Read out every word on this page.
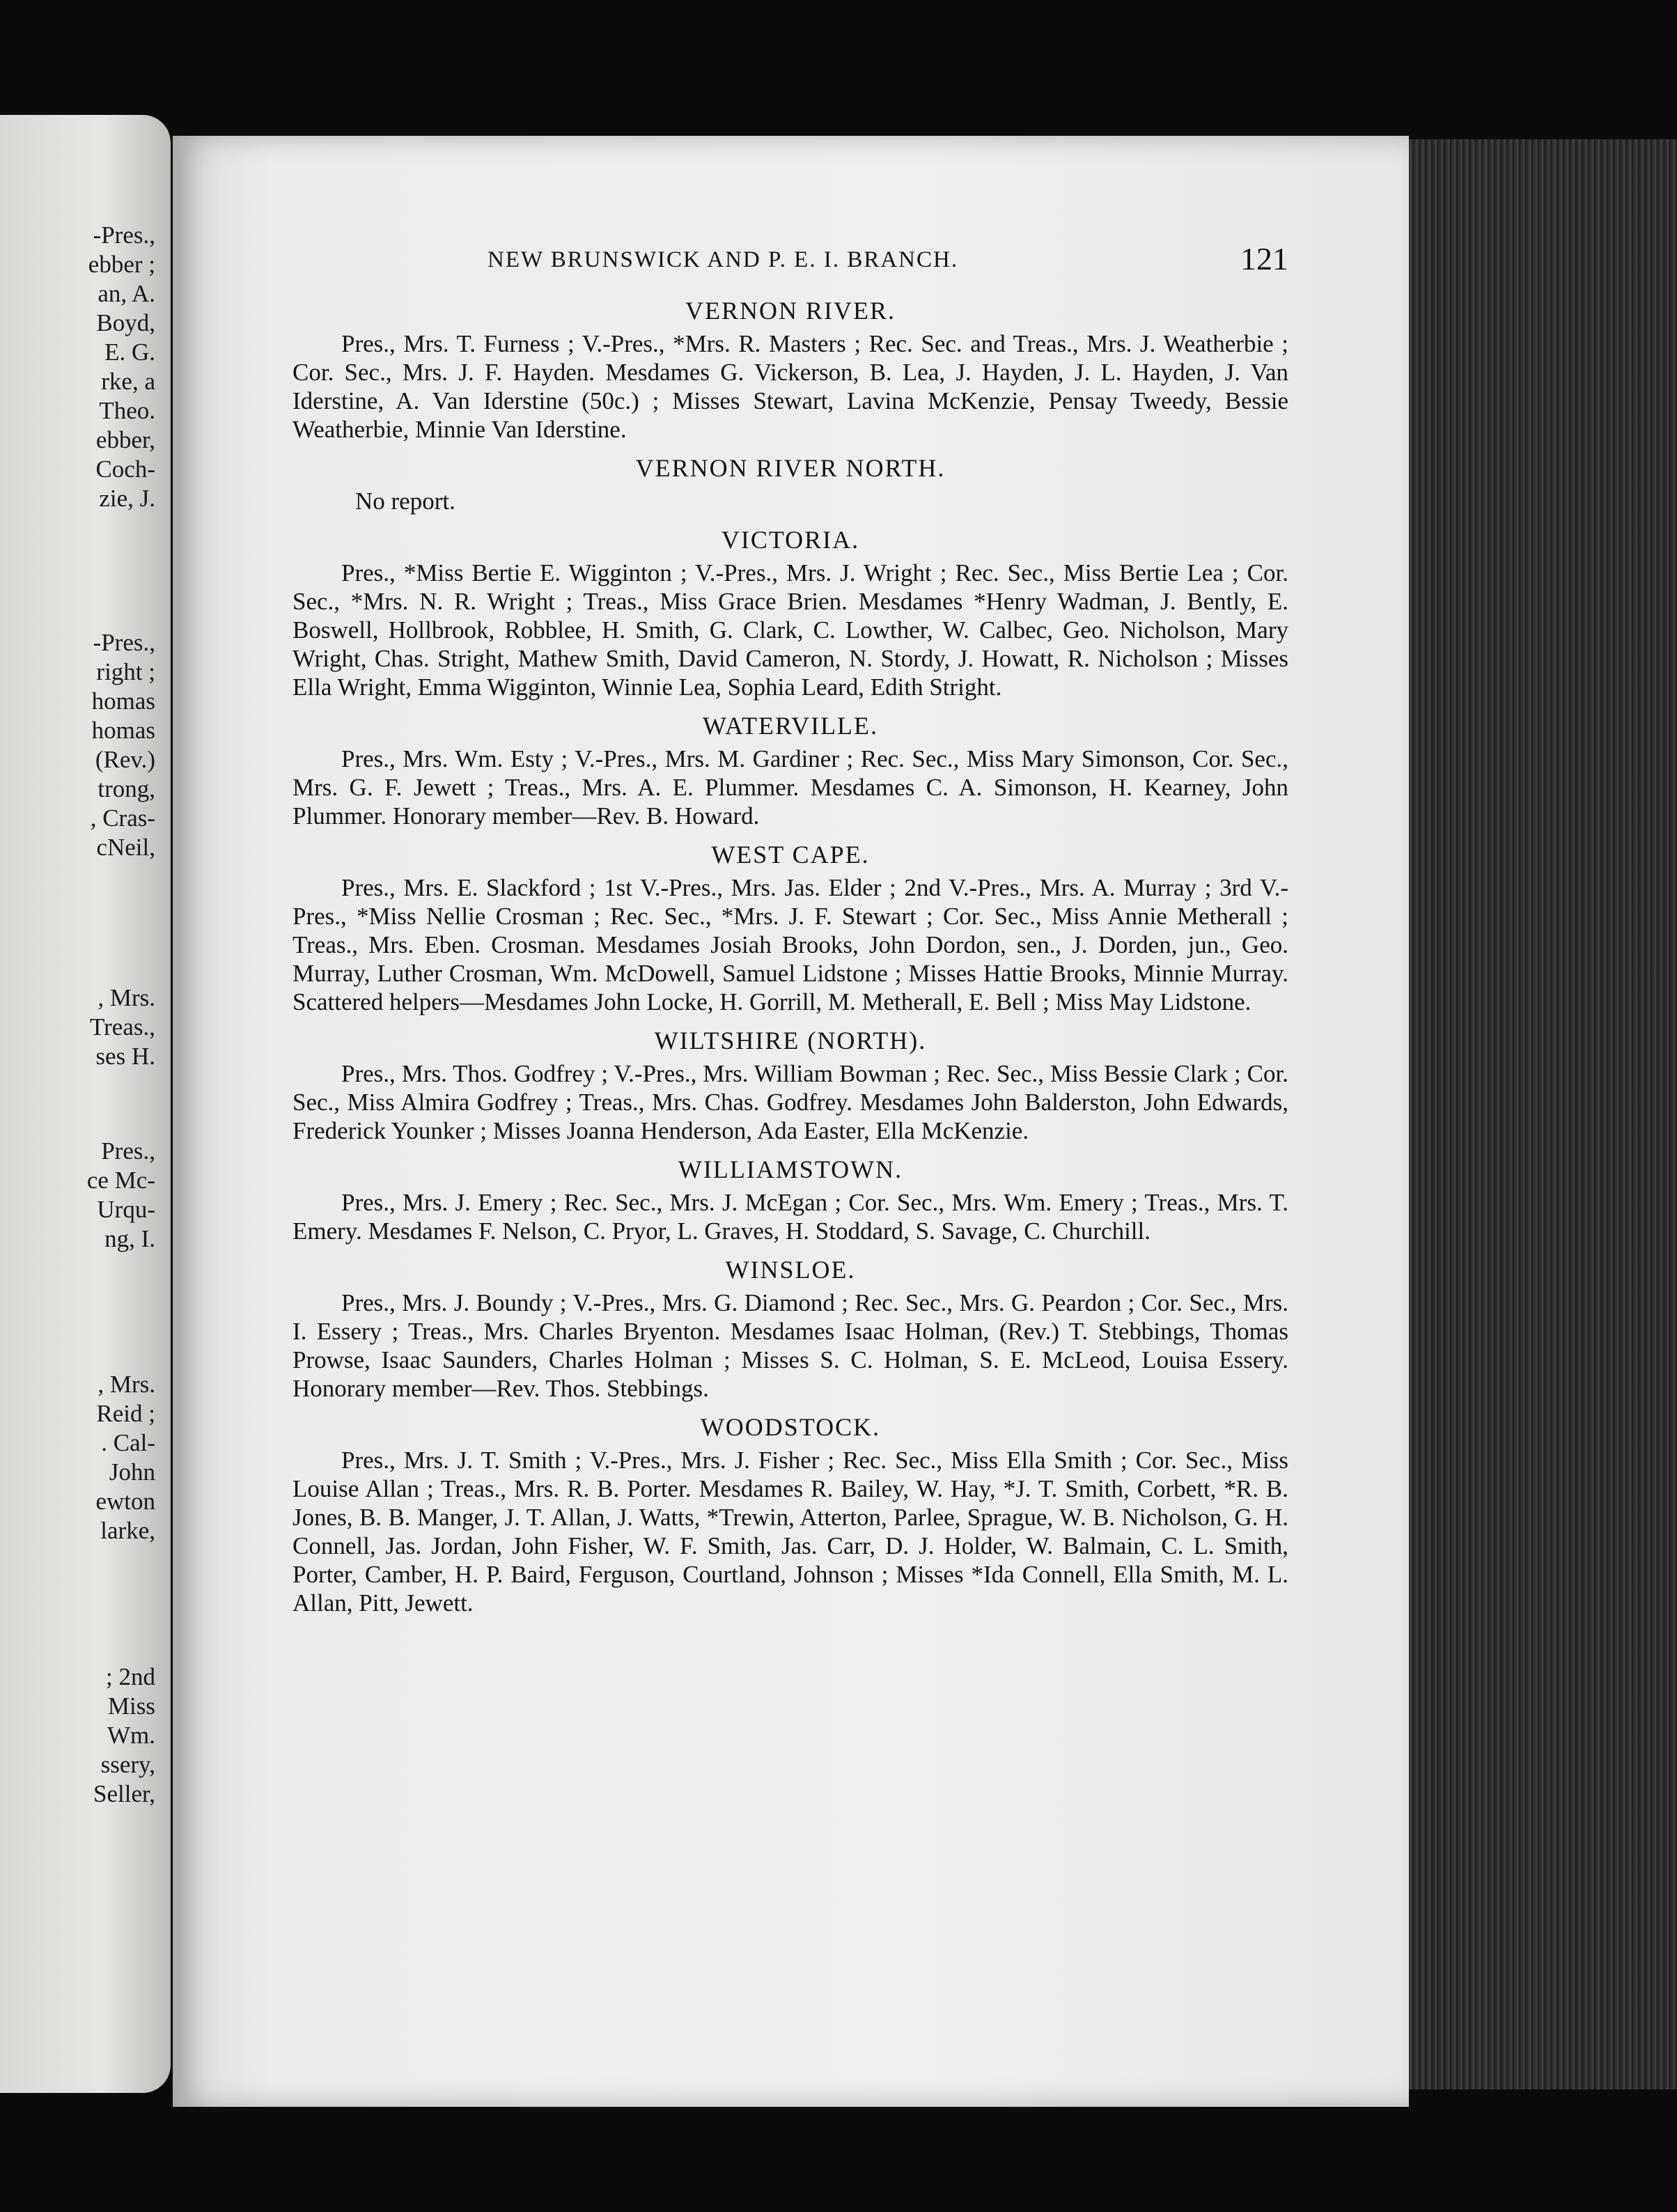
-Pres.,
ebber ;
an, A.
Boyd,
E. G.
rke, a
Theo.
ebber,
Coch-
zie, J.
-Pres.,
right ;
homas
homas
(Rev.)
trong,
, Cras-
cNeil,
, Mrs.
Treas.,
ses H.
Pres.,
ce Mc-
Urqu-
ng, I.
, Mrs.
Reid ;
. Cal-
John
ewton
larke,
; 2nd
Miss
Wm.
ssery,
Seller,
NEW BRUNSWICK AND P. E. I. BRANCH.	121
VERNON RIVER.

Pres., Mrs. T. Furness ; V.-Pres., *Mrs. R. Masters ; Rec. Sec. and Treas., Mrs. J. Weatherbie ; Cor. Sec., Mrs. J. F. Hayden. Mesdames G. Vickerson, B. Lea, J. Hayden, J. L. Hayden, J. Van Iderstine, A. Van Iderstine (50c.) ; Misses Stewart, Lavina McKenzie, Pensay Tweedy, Bessie Weatherbie, Minnie Van Iderstine.

VERNON RIVER NORTH.

No report.

VICTORIA.

Pres., *Miss Bertie E. Wigginton ; V.-Pres., Mrs. J. Wright ; Rec. Sec., Miss Bertie Lea ; Cor. Sec., *Mrs. N. R. Wright ; Treas., Miss Grace Brien. Mesdames *Henry Wadman, J. Bently, E. Boswell, Hollbrook, Robblee, H. Smith, G. Clark, C. Lowther, W. Calbec, Geo. Nicholson, Mary Wright, Chas. Stright, Mathew Smith, David Cameron, N. Stordy, J. Howatt, R. Nicholson ; Misses Ella Wright, Emma Wigginton, Winnie Lea, Sophia Leard, Edith Stright.

WATERVILLE.

Pres., Mrs. Wm. Esty ; V.-Pres., Mrs. M. Gardiner ; Rec. Sec., Miss Mary Simonson, Cor. Sec., Mrs. G. F. Jewett ; Treas., Mrs. A. E. Plummer. Mesdames C. A. Simonson, H. Kearney, John Plummer. Honorary member—Rev. B. Howard.

WEST CAPE.

Pres., Mrs. E. Slackford ; 1st V.-Pres., Mrs. Jas. Elder ; 2nd V.-Pres., Mrs. A. Murray ; 3rd V.-Pres., *Miss Nellie Crosman ; Rec. Sec., *Mrs. J. F. Stewart ; Cor. Sec., Miss Annie Metherall ; Treas., Mrs. Eben. Crosman. Mesdames Josiah Brooks, John Dordon, sen., J. Dorden, jun., Geo. Murray, Luther Crosman, Wm. McDowell, Samuel Lidstone ; Misses Hattie Brooks, Minnie Murray. Scattered helpers—Mesdames John Locke, H. Gorrill, M. Metherall, E. Bell ; Miss May Lidstone.

WILTSHIRE (NORTH).

Pres., Mrs. Thos. Godfrey ; V.-Pres., Mrs. William Bowman ; Rec. Sec., Miss Bessie Clark ; Cor. Sec., Miss Almira Godfrey ; Treas., Mrs. Chas. Godfrey. Mesdames John Balderston, John Edwards, Frederick Younker ; Misses Joanna Henderson, Ada Easter, Ella McKenzie.

WILLIAMSTOWN.

Pres., Mrs. J. Emery ; Rec. Sec., Mrs. J. McEgan ; Cor. Sec., Mrs. Wm. Emery ; Treas., Mrs. T. Emery. Mesdames F. Nelson, C. Pryor, L. Graves, H. Stoddard, S. Savage, C. Churchill.

WINSLOE.

Pres., Mrs. J. Boundy ; V.-Pres., Mrs. G. Diamond ; Rec. Sec., Mrs. G. Peardon ; Cor. Sec., Mrs. I. Essery ; Treas., Mrs. Charles Bryenton. Mesdames Isaac Holman, (Rev.) T. Stebbings, Thomas Prowse, Isaac Saunders, Charles Holman ; Misses S. C. Holman, S. E. McLeod, Louisa Essery. Honorary member—Rev. Thos. Stebbings.

WOODSTOCK.

Pres., Mrs. J. T. Smith ; V.-Pres., Mrs. J. Fisher ; Rec. Sec., Miss Ella Smith ; Cor. Sec., Miss Louise Allan ; Treas., Mrs. R. B. Porter. Mesdames R. Bailey, W. Hay, *J. T. Smith, Corbett, *R. B. Jones, B. B. Manger, J. T. Allan, J. Watts, *Trewin, Atterton, Parlee, Sprague, W. B. Nicholson, G. H. Connell, Jas. Jordan, John Fisher, W. F. Smith, Jas. Carr, D. J. Holder, W. Balmain, C. L. Smith, Porter, Camber, H. P. Baird, Ferguson, Courtland, Johnson ; Misses *Ida Connell, Ella Smith, M. L. Allan, Pitt, Jewett.
